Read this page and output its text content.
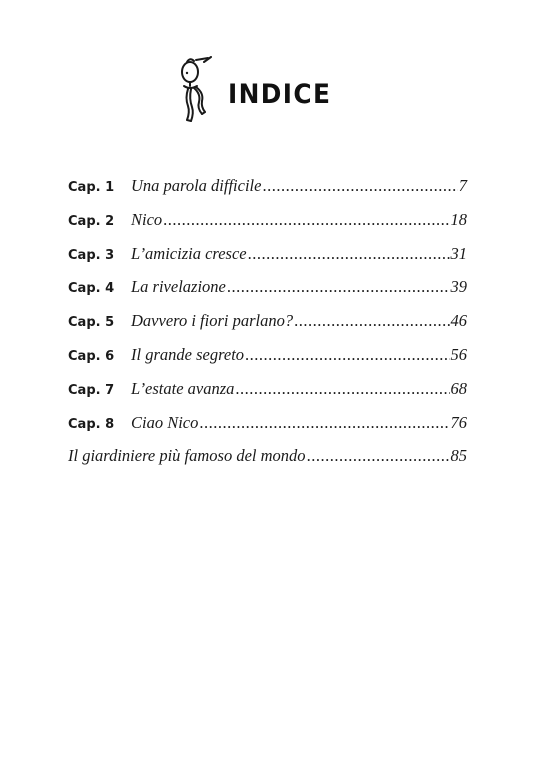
INDICE
Cap. 1	Una parola difficile .....	7
Cap. 2	Nico .....	18
Cap. 3	L’amicizia cresce .....	31
Cap. 4	La rivelazione .....	39
Cap. 5	Davvero i fiori parlano? .....	46
Cap. 6	Il grande segreto .....	56
Cap. 7	L’estate avanza .....	68
Cap. 8	Ciao Nico .....	76
Il giardiniere più famoso del mondo .....	85
